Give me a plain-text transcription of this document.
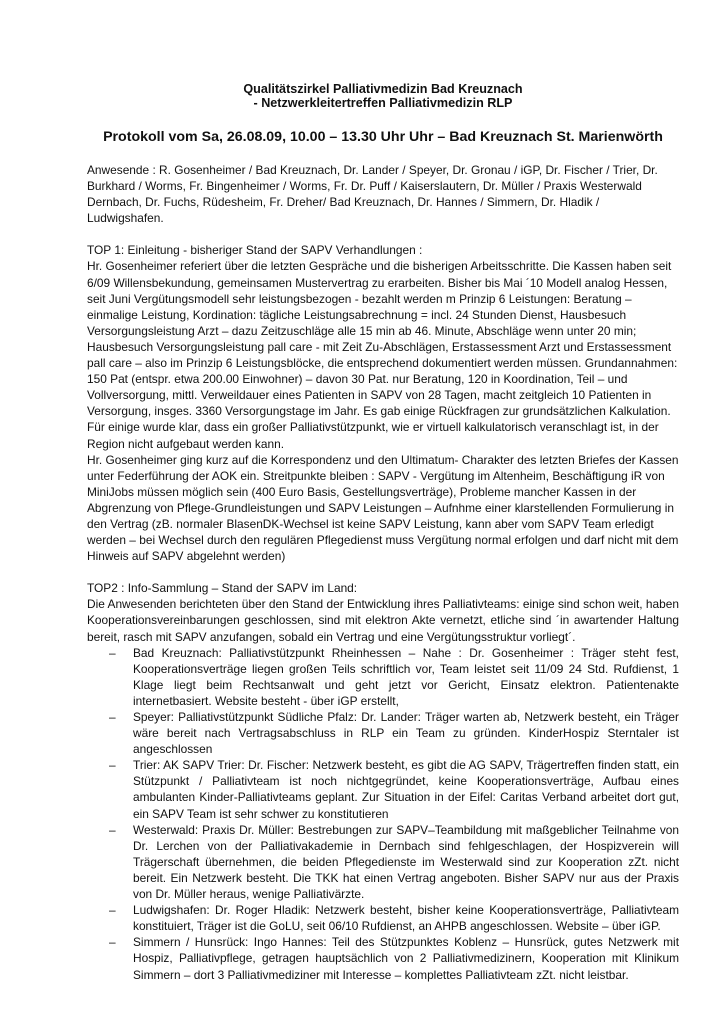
Qualitätszirkel Palliativmedizin Bad Kreuznach
- Netzwerkleitertreffen Palliativmedizin RLP
Protokoll vom Sa, 26.08.09, 10.00 – 13.30 Uhr Uhr – Bad Kreuznach St. Marienwörth

Anwesende : R. Gosenheimer / Bad Kreuznach, Dr. Lander / Speyer, Dr. Gronau / iGP, Dr. Fischer / Trier, Dr. Burkhard / Worms, Fr. Bingenheimer / Worms, Fr. Dr. Puff / Kaiserslautern, Dr. Müller / Praxis Westerwald Dernbach, Dr. Fuchs, Rüdesheim, Fr. Dreher/ Bad Kreuznach, Dr. Hannes / Simmern, Dr. Hladik / Ludwigshafen.

TOP 1: Einleitung - bisheriger Stand der SAPV Verhandlungen :

Hr. Gosenheimer referiert über die letzten Gespräche und die bisherigen Arbeitsschritte. Die Kassen haben seit 6/09 Willensbekundung, gemeinsamen Mustervertrag zu erarbeiten. Bisher bis Mai ´10 Modell analog Hessen, seit Juni Vergütungsmodell sehr leistungsbezogen - bezahlt werden m Prinzip 6 Leistungen: Beratung – einmalige Leistung, Kordination: tägliche Leistungsabrechnung = incl. 24 Stunden Dienst, Hausbesuch Versorgungsleistung Arzt – dazu Zeitzuschläge alle 15 min ab 46. Minute, Abschläge wenn unter 20 min; Hausbesuch Versorgungsleistung pall care - mit Zeit Zu-Abschlägen, Erstassessment Arzt und Erstassessment pall care – also im Prinzip 6 Leistungsblöcke, die entsprechend dokumentiert werden müssen. Grundannahmen: 150 Pat (entspr. etwa 200.00 Einwohner) – davon 30 Pat. nur Beratung, 120 in Koordination, Teil – und Vollversorgung, mittl. Verweildauer eines Patienten in SAPV von 28 Tagen, macht zeitgleich 10 Patienten in Versorgung, insges. 3360 Versorgungstage im Jahr. Es gab einige Rückfragen zur grundsätzlichen Kalkulation. Für einige wurde klar, dass ein großer Palliativstützpunkt, wie er virtuell kalkulatorisch veranschlagt ist, in der Region nicht aufgebaut werden kann.

Hr. Gosenheimer ging kurz auf die Korrespondenz und den Ultimatum- Charakter des letzten Briefes der Kassen unter Federführung der AOK ein. Streitpunkte bleiben : SAPV - Vergütung im Altenheim, Beschäftigung iR von MiniJobs müssen möglich sein (400 Euro Basis, Gestellungsverträge), Probleme mancher Kassen in der Abgrenzung von Pflege-Grundleistungen und SAPV Leistungen – Aufnhme einer klarstellenden Formulierung in den Vertrag (zB. normaler BlasenDK-Wechsel ist keine SAPV Leistung, kann aber vom SAPV Team erledigt werden – bei Wechsel durch den regulären Pflegedienst muss Vergütung normal erfolgen und darf nicht mit dem Hinweis auf SAPV abgelehnt werden)

TOP2 : Info-Sammlung – Stand der SAPV im Land:

Die Anwesenden berichteten über den Stand der Entwicklung ihres Palliativteams: einige sind schon weit, haben Kooperationsvereinbarungen geschlossen, sind mit elektron Akte vernetzt, etliche sind ´in awartender Haltung bereit, rasch mit SAPV anzufangen, sobald ein Vertrag und eine Vergütungsstruktur vorliegt´.

– Bad Kreuznach: Palliativstützpunkt Rheinhessen – Nahe : Dr. Gosenheimer : Träger steht fest, Kooperationsverträge liegen großen Teils schriftlich vor, Team leistet seit 11/09 24 Std. Rufdienst, 1 Klage liegt beim Rechtsanwalt und geht jetzt vor Gericht, Einsatz elektron. Patientenakte internetbasiert. Website besteht - über iGP erstellt,
– Speyer: Palliativstützpunkt Südliche Pfalz: Dr. Lander: Träger warten ab, Netzwerk besteht, ein Träger wäre bereit nach Vertragsabschluss in RLP ein Team zu gründen. KinderHospiz Sterntaler ist angeschlossen
– Trier: AK SAPV Trier: Dr. Fischer: Netzwerk besteht, es gibt die AG SAPV, Trägertreffen finden statt, ein Stützpunkt / Palliativteam ist noch nichtgegründet, keine Kooperationsverträge, Aufbau eines ambulanten Kinder-Palliativteams geplant. Zur Situation in der Eifel: Caritas Verband arbeitet dort gut, ein SAPV Team ist sehr schwer zu konstitutieren
– Westerwald: Praxis Dr. Müller: Bestrebungen zur SAPV–Teambildung mit maßgeblicher Teilnahme von Dr. Lerchen von der Palliativakademie in Dernbach sind fehlgeschlagen, der Hospizverein will Trägerschaft übernehmen, die beiden Pflegedienste im Westerwald sind zur Kooperation zZt. nicht bereit. Ein Netzwerk besteht. Die TKK hat einen Vertrag angeboten. Bisher SAPV nur aus der Praxis von Dr. Müller heraus, wenige Palliativärzte.
– Ludwigshafen: Dr. Roger Hladik: Netzwerk besteht, bisher keine Kooperationsverträge, Palliativteam konstituiert, Träger ist die GoLU, seit 06/10 Rufdienst, an AHPB angeschlossen. Website – über iGP.
– Simmern / Hunsrück: Ingo Hannes: Teil des Stützpunktes Koblenz – Hunsrück, gutes Netzwerk mit Hospiz, Palliativpflege, getragen hauptsächlich von 2 Palliativmedizinern, Kooperation mit Klinikum Simmern – dort 3 Palliativmediziner mit Interesse – komplettes Palliativteam zZt. nicht leistbar.
